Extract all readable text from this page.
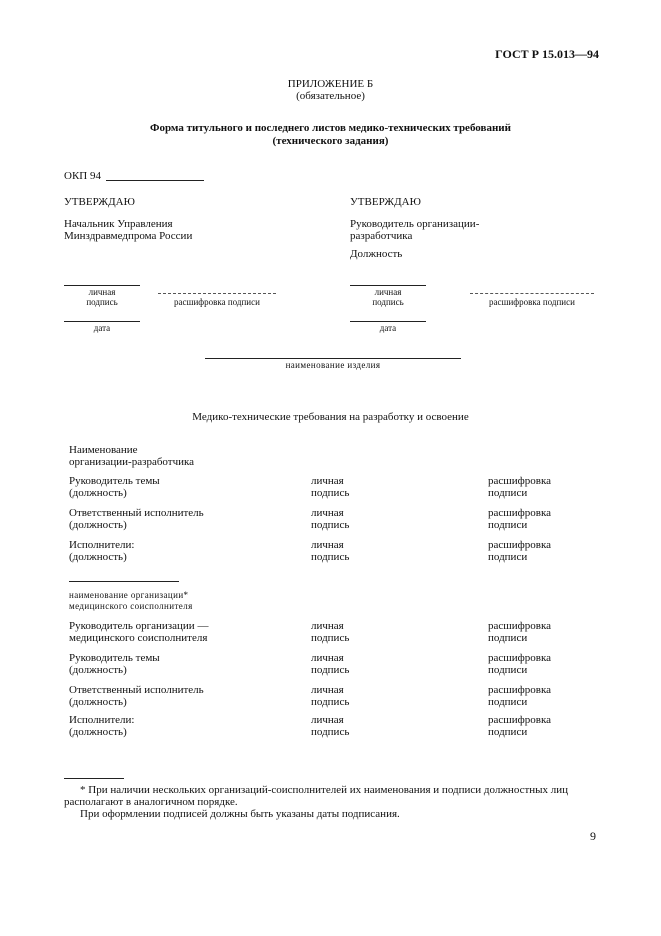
ГОСТ Р 15.013—94
ПРИЛОЖЕНИЕ Б
(обязательное)
Форма титульного и последнего листов медико-технических требований
(технического задания)
ОКП 94
УТВЕРЖДАЮ
Начальник Управления
Минздравмедпрома России
личная
подпись	расшифровка подписи
дата
УТВЕРЖДАЮ
Руководитель организации-
разработчика
Должность
личная
подпись	расшифровка подписи
дата
наименование изделия
Медико-технические требования на разработку и освоение
Наименование
организации-разработчика
Руководитель темы
(должность)
личная
подпись
расшифровка
подписи
Ответственный исполнитель
(должность)
личная
подпись
расшифровка
подписи
Исполнители:
(должность)
личная
подпись
расшифровка
подписи
наименование организации*
медицинского соисполнителя
Руководитель организации —
медицинского соисполнителя
личная
подпись
расшифровка
подписи
Руководитель темы
(должность)
личная
подпись
расшифровка
подписи
Ответственный исполнитель
(должность)
личная
подпись
расшифровка
подписи
Исполнители:
(должность)
личная
подпись
расшифровка
подписи
* При наличии нескольких организаций-соисполнителей их наименования и подписи должностных лиц
располагают в аналогичном порядке.
При оформлении подписей должны быть указаны даты подписания.
9
